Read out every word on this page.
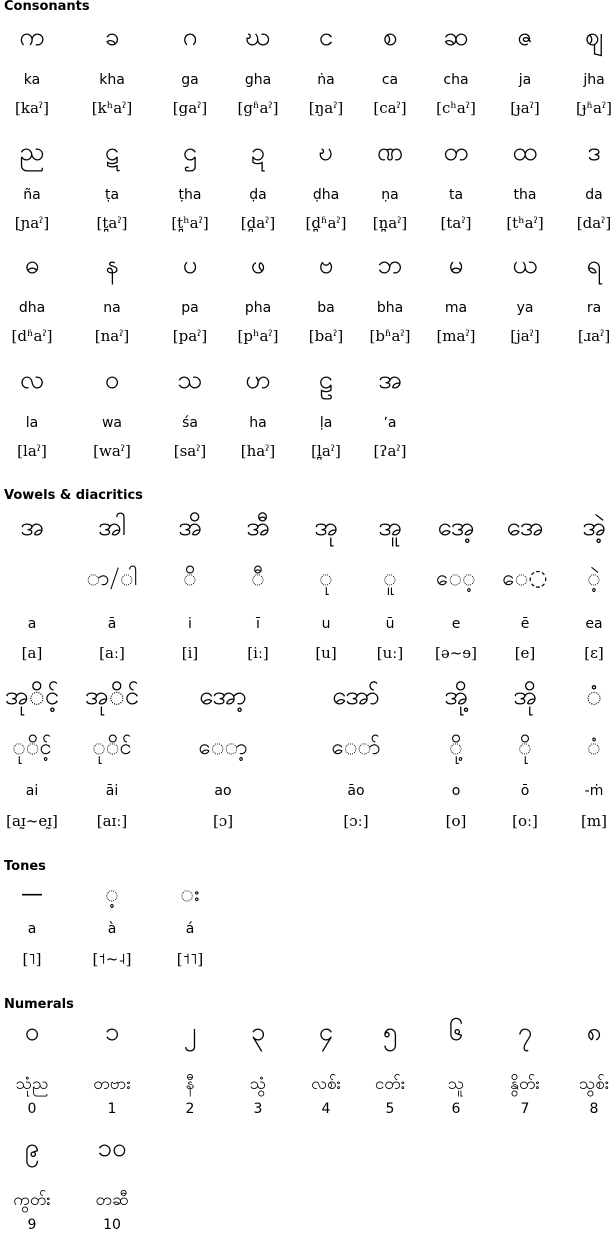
Consonants
က
ka
[kaˀ]
ခ
kha
[kʰaˀ]
ဂ
ga
[gaˀ]
ဃ
gha
[gʱaˀ]
င
ṅa
[ŋaˀ]
စ
ca
[caˀ]
ဆ
cha
[cʰaˀ]
ဇ
ja
[ɟaˀ]
ဈ
jha
[ɟʱaˀ]
ည
ña
[ɲaˀ]
ဋ
ṭa
[t̪aˀ]
ဌ
ṭha
[t̪ʰaˀ]
ဍ
ḍa
[d̪aˀ]
ဎ
ḍha
[d̪ʱaˀ]
ဏ
ṇa
[n̪aˀ]
တ
ta
[taˀ]
ထ
tha
[tʰaˀ]
ဒ
da
[daˀ]
ဓ
dha
[dʱaˀ]
န
na
[naˀ]
ပ
pa
[paˀ]
ဖ
pha
[pʰaˀ]
ဗ
ba
[baˀ]
ဘ
bha
[bʱaˀ]
မ
ma
[maˀ]
ယ
ya
[jaˀ]
ရ
ra
[ɹaˀ]
လ
la
[laˀ]
ဝ
wa
[waˀ]
သ
śa
[saˀ]
ဟ
ha
[haˀ]
ဠ
ḷa
[l̪aˀ]
အ
ʼa
[ʔaˀ]
Vowels & diacritics
အ
a
[a]
အါ
ာ/ါ
ā
[aː]
အိ
◌ိ
i
[i]
အီ
◌ီ
ī
[iː]
အု
◌ု
u
[u]
အူ
◌ူ
ū
[uː]
အေ့
ေ◌့
e
[ə~ɘ]
အေ
ေ◌
ē
[e]
အဲ့
◌ဲ့
ea
[ɛ]
အုိင့်
◌ုိင့်
ai
[aɪ̰~eɪ̰]
အုိင်
◌ုိင်
āi
[aɪː]
အော့
ေ◌ာ့
ao
[ɔ]
အော်
ေ◌ာ်
āo
[ɔː]
အို့
◌ို့
o
[o]
အို
◌ို
ō
[oː]
◌ံ
◌ံ
-ṁ
[m]
Tones
—
a
[˥]
◌့
à
[˦~˨]
◌း
á
[˦˥]
Numerals
၀
သုံည
0
၁
တဗား
1
၂
နီ
2
၃
သွံ
3
၄
လစ်း
4
၅
ငတ်း
5
၆
သူ
6
၇
နွိတ်း
7
၈
သွစ်း
8
၉
ကွတ်း
9
၁၀
တဆီ
10
